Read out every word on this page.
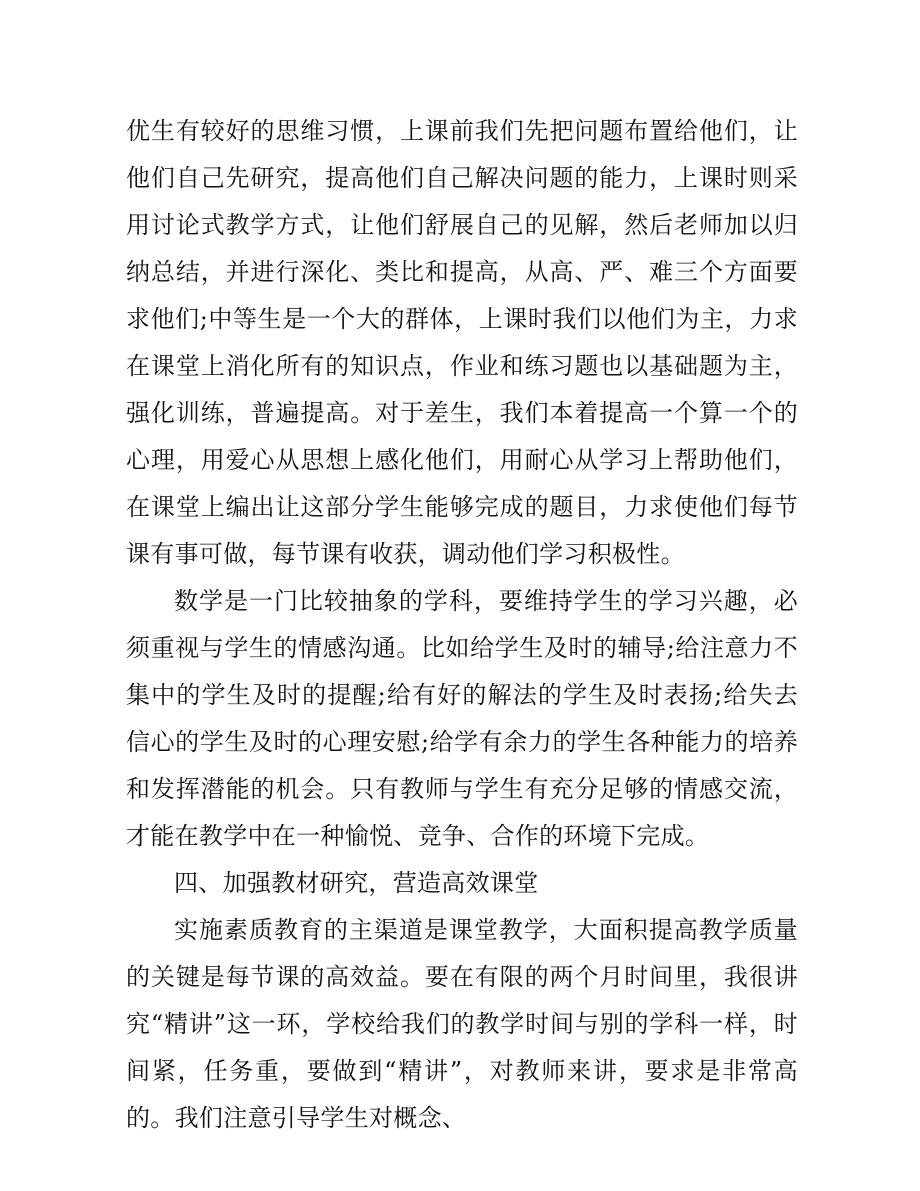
优生有较好的思维习惯，上课前我们先把问题布置给他们，让他们自己先研究，提高他们自己解决问题的能力，上课时则采用讨论式教学方式，让他们舒展自己的见解，然后老师加以归纳总结，并进行深化、类比和提高，从高、严、难三个方面要求他们;中等生是一个大的群体，上课时我们以他们为主，力求在课堂上消化所有的知识点，作业和练习题也以基础题为主，强化训练，普遍提高。对于差生，我们本着提高一个算一个的心理，用爱心从思想上感化他们，用耐心从学习上帮助他们，在课堂上编出让这部分学生能够完成的题目，力求使他们每节课有事可做，每节课有收获，调动他们学习积极性。

数学是一门比较抽象的学科，要维持学生的学习兴趣，必须重视与学生的情感沟通。比如给学生及时的辅导;给注意力不集中的学生及时的提醒;给有好的解法的学生及时表扬;给失去信心的学生及时的心理安慰;给学有余力的学生各种能力的培养和发挥潜能的机会。只有教师与学生有充分足够的情感交流，才能在教学中在一种愉悦、竞争、合作的环境下完成。

四、加强教材研究，营造高效课堂

实施素质教育的主渠道是课堂教学，大面积提高教学质量的关键是每节课的高效益。要在有限的两个月时间里，我很讲究“精讲”这一环，学校给我们的教学时间与别的学科一样，时间紧，任务重，要做到“精讲”，对教师来讲，要求是非常高的。我们注意引导学生对概念、
